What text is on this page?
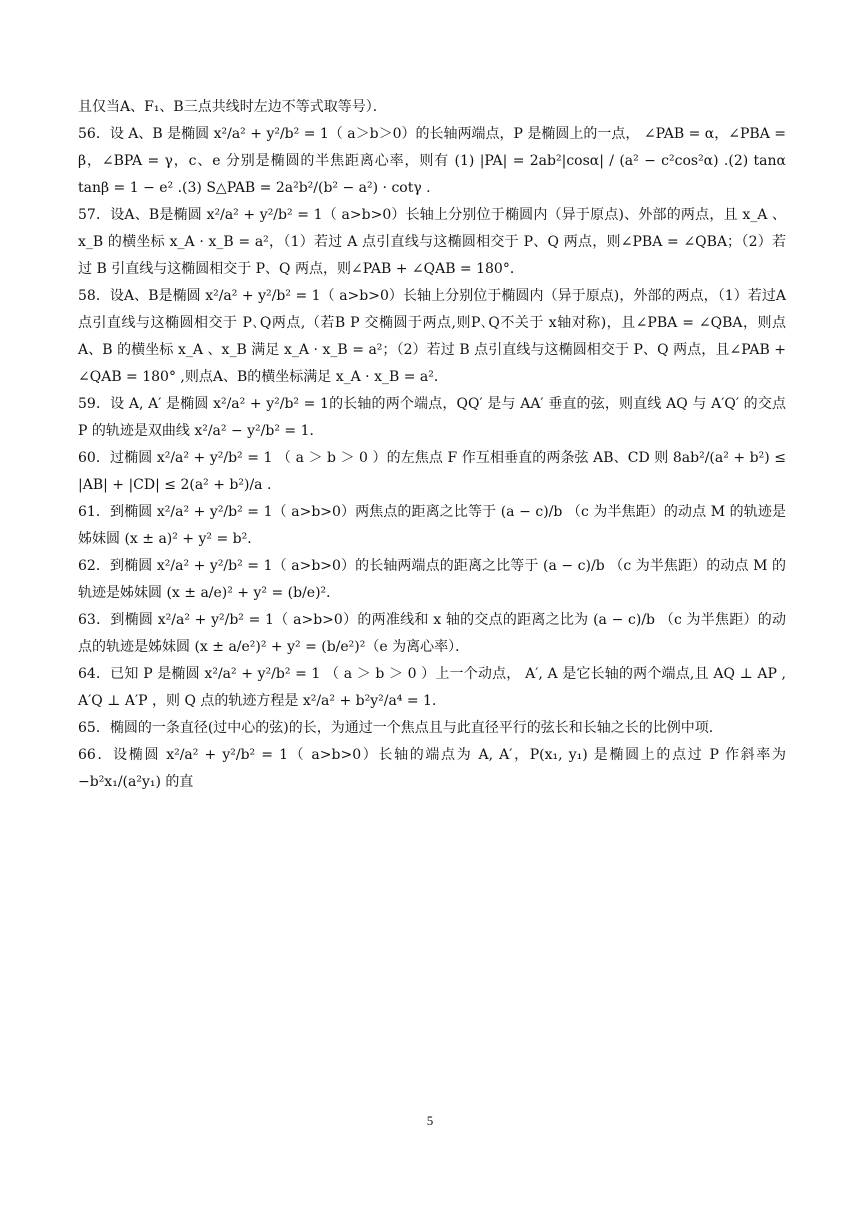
且仅当A、F₁、B三点共线时左边不等式取等号）．

56．设 A、B 是椭圆 x²/a² + y²/b² = 1（ a＞b＞0）的长轴两端点，P 是椭圆上的一点， ∠PAB = α，∠PBA = β，∠BPA = γ，c、e 分别是椭圆的半焦距离心率，则有 (1) |PA| = 2ab²|cosα| / (a² − c²cos²α) .(2) tanα tanβ = 1 − e² .(3) S△PAB = 2a²b²/(b² − a²) · cotγ .

57．设A、B是椭圆 x²/a² + y²/b² = 1（ a>b>0）长轴上分别位于椭圆内（异于原点)、外部的两点，且 x_A 、x_B 的横坐标 x_A · x_B = a²，（1）若过 A 点引直线与这椭圆相交于 P、Q 两点，则∠PBA = ∠QBA；（2）若过 B 引直线与这椭圆相交于 P、Q 两点，则∠PAB + ∠QAB = 180°．

58．设A、B是椭圆 x²/a² + y²/b² = 1（ a>b>0）长轴上分别位于椭圆内（异于原点)，外部的两点，（1）若过A 点引直线与这椭圆相交于 P､Q两点,（若B P 交椭圆于两点,则P､Q不关于 x轴对称)，且∠PBA = ∠QBA，则点 A、B 的横坐标 x_A 、x_B 满足 x_A · x_B = a²；（2）若过 B 点引直线与这椭圆相交于 P、Q 两点，且∠PAB + ∠QAB = 180° ,则点A、B的横坐标满足 x_A · x_B = a²．

59．设 A, A′ 是椭圆 x²/a² + y²/b² = 1的长轴的两个端点，QQ′ 是与 AA′ 垂直的弦，则直线 AQ 与 A′Q′ 的交点 P 的轨迹是双曲线 x²/a² − y²/b² = 1．

60．过椭圆 x²/a² + y²/b² = 1 （ a ＞ b ＞ 0 ）的左焦点 F 作互相垂直的两条弦 AB、CD 则 8ab²/(a² + b²) ≤ |AB| + |CD| ≤ 2(a² + b²)/a .

61．到椭圆 x²/a² + y²/b² = 1（ a>b>0）两焦点的距离之比等于 (a − c)/b （c 为半焦距）的动点 M 的轨迹是姊妹圆 (x ± a)² + y² = b²．

62．到椭圆 x²/a² + y²/b² = 1（ a>b>0）的长轴两端点的距离之比等于 (a − c)/b （c 为半焦距）的动点 M 的轨迹是姊妹圆 (x ± a/e)² + y² = (b/e)²．

63．到椭圆 x²/a² + y²/b² = 1（ a>b>0）的两准线和 x 轴的交点的距离之比为 (a − c)/b （c 为半焦距）的动点的轨迹是姊妹圆 (x ± a/e²)² + y² = (b/e²)²（e 为离心率）．

64．已知 P 是椭圆 x²/a² + y²/b² = 1 （ a ＞ b ＞ 0 ）上一个动点， A′, A 是它长轴的两个端点,且 AQ ⊥ AP , A′Q ⊥ A′P ，则 Q 点的轨迹方程是 x²/a² + b²y²/a⁴ = 1．

65．椭圆的一条直径(过中心的弦)的长，为通过一个焦点且与此直径平行的弦长和长轴之长的比例中项.

66．设椭圆 x²/a² + y²/b² = 1（ a>b>0）长轴的端点为 A, A′，P(x₁, y₁) 是椭圆上的点过 P 作斜率为 −b²x₁/(a²y₁) 的直

5
